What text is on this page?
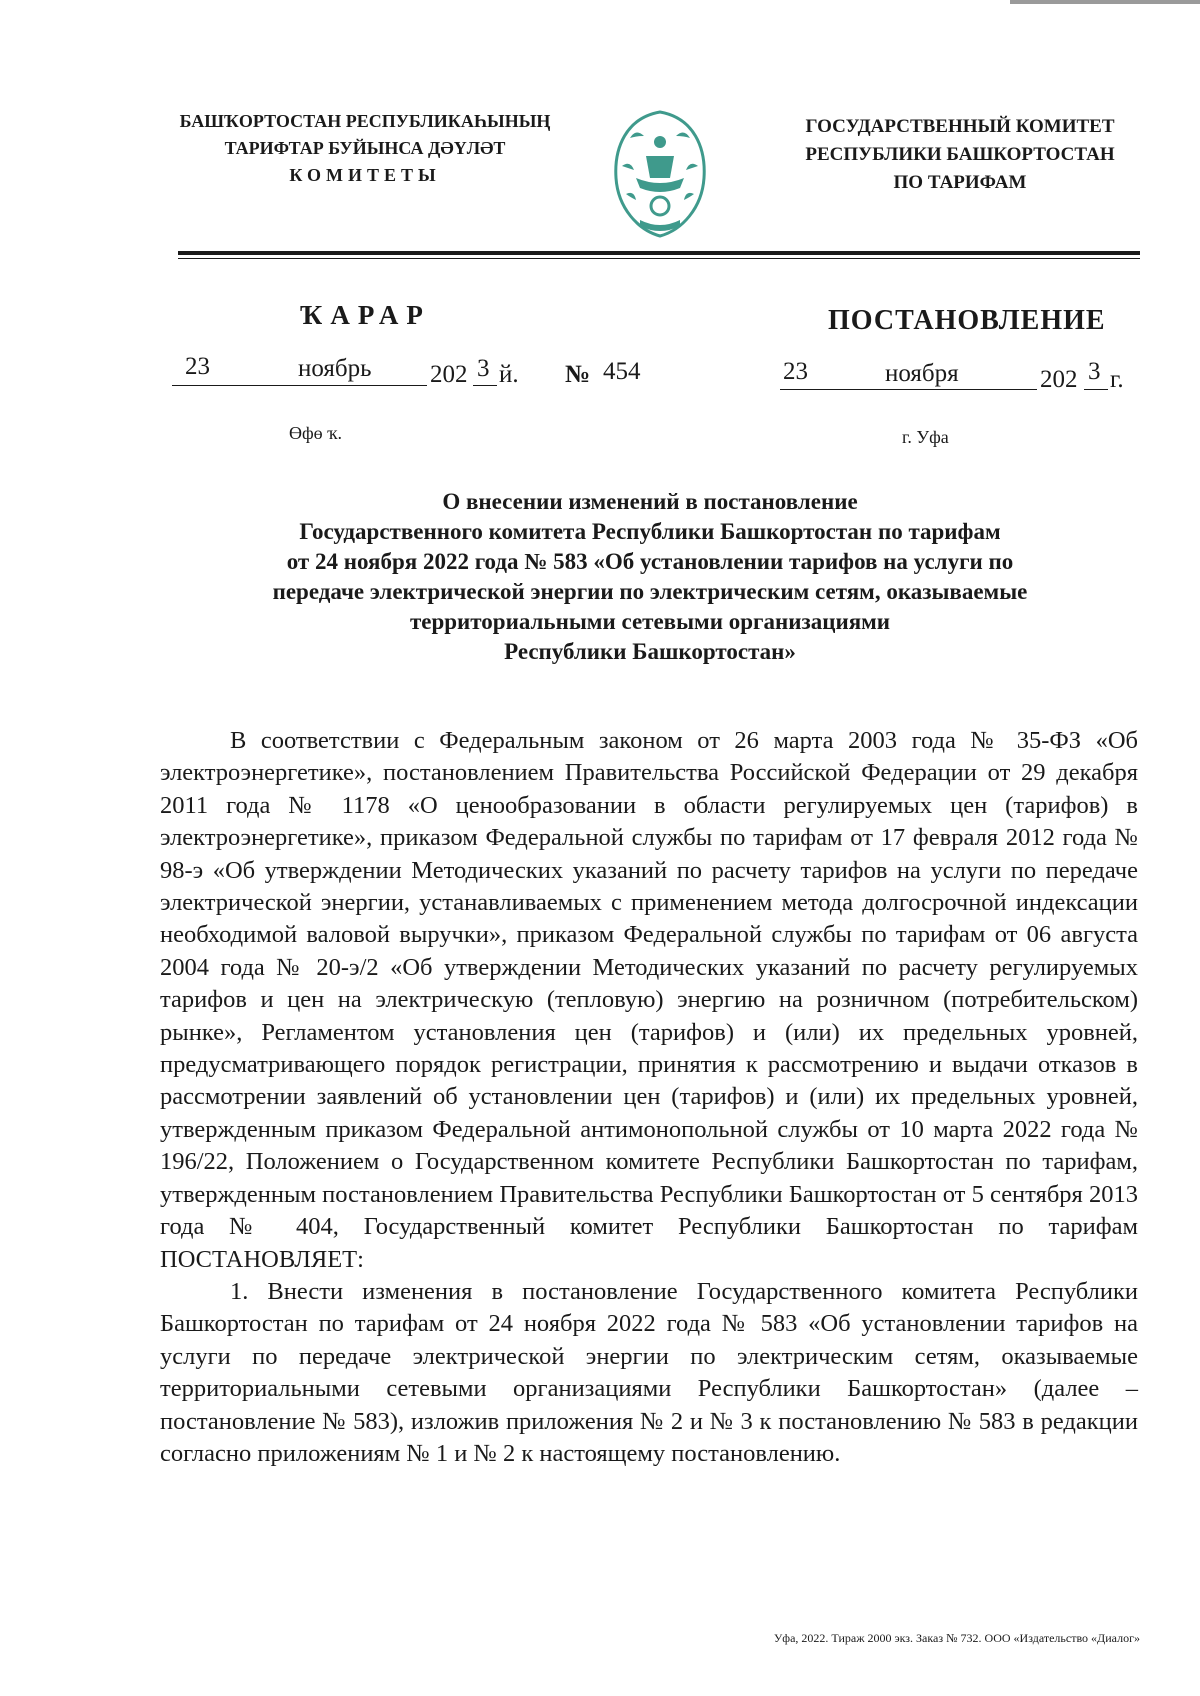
БАШҠОРТОСТАН РЕСПУБЛИКАҺЫНЫҢ
ТАРИФТАР БУЙЫНСА ДӘҮЛӘТ
КОМИТЕТЫ
ГОСУДАРСТВЕННЫЙ КОМИТЕТ
РЕСПУБЛИКИ БАШКОРТОСТАН
ПО ТАРИФАМ
ҠАРАР	ПОСТАНОВЛЕНИЕ
23	ноябрь 202 3 й. № 454	23	ноября	202 3 г.
Өфө ҡ.	г. Уфа
О внесении изменений в постановление
Государственного комитета Республики Башкортостан по тарифам
от 24 ноября 2022 года № 583 «Об установлении тарифов на услуги по
передаче электрической энергии по электрическим сетям, оказываемые
территориальными сетевыми организациями
Республики Башкортостан»

В соответствии с Федеральным законом от 26 марта 2003 года № 35-ФЗ «Об электроэнергетике», постановлением Правительства Российской Федерации от 29 декабря 2011 года № 1178 «О ценообразовании в области регулируемых цен (тарифов) в электроэнергетике», приказом Федеральной службы по тарифам от 17 февраля 2012 года № 98-э «Об утверждении Методических указаний по расчету тарифов на услуги по передаче электрической энергии, устанавливаемых с применением метода долгосрочной индексации необходимой валовой выручки», приказом Федеральной службы по тарифам от 06 августа 2004 года № 20-э/2 «Об утверждении Методических указаний по расчету регулируемых тарифов и цен на электрическую (тепловую) энергию на розничном (потребительском) рынке», Регламентом установления цен (тарифов) и (или) их предельных уровней, предусматривающего порядок регистрации, принятия к рассмотрению и выдачи отказов в рассмотрении заявлений об установлении цен (тарифов) и (или) их предельных уровней, утвержденным приказом Федеральной антимонопольной службы от 10 марта 2022 года № 196/22, Положением о Государственном комитете Республики Башкортостан по тарифам, утвержденным постановлением Правительства Республики Башкортостан от 5 сентября 2013 года № 404, Государственный комитет Республики Башкортостан по тарифам ПОСТАНОВЛЯЕТ:

1. Внести изменения в постановление Государственного комитета Республики Башкортостан по тарифам от 24 ноября 2022 года № 583 «Об установлении тарифов на услуги по передаче электрической энергии по электрическим сетям, оказываемые территориальными сетевыми организациями Республики Башкортостан» (далее – постановление № 583), изложив приложения № 2 и № 3 к постановлению № 583 в редакции согласно приложениям № 1 и № 2 к настоящему постановлению.

Уфа, 2022. Тираж 2000 экз. Заказ № 732. ООО «Издательство «Диалог»
